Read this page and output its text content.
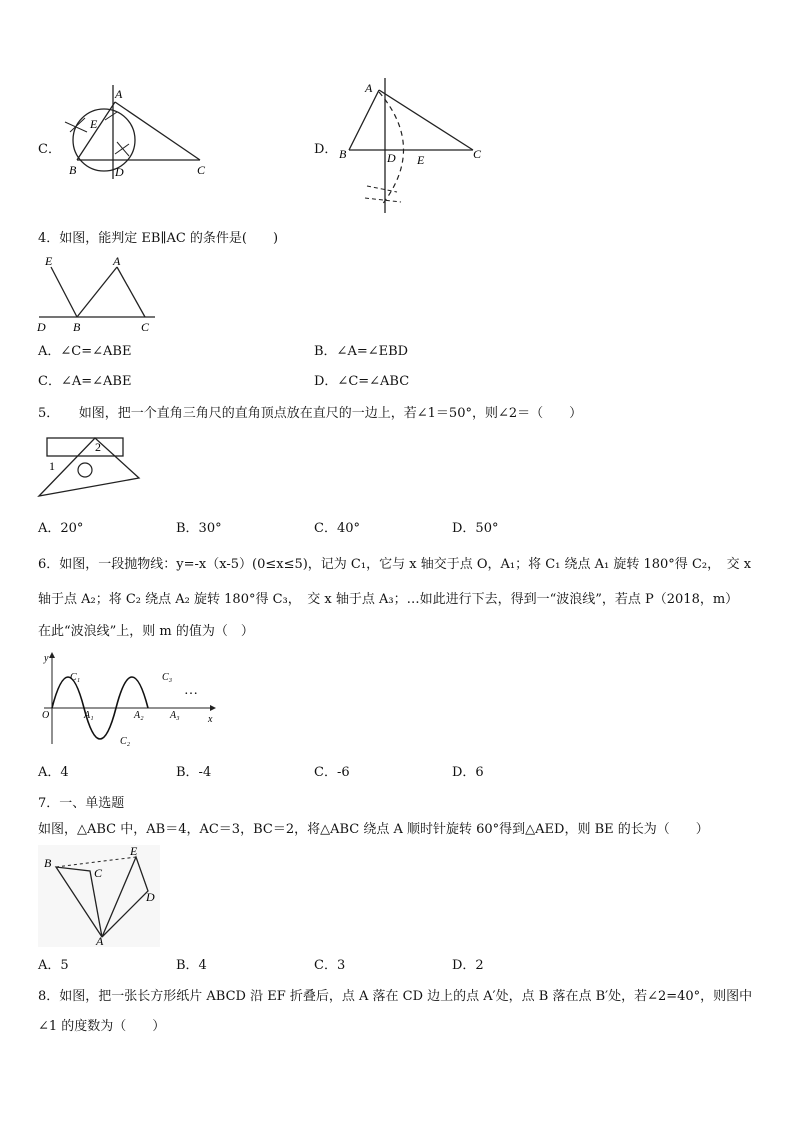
C．
A
E
B	D	C
D．
A
B	D E	C
4．如图，能判定 EB∥AC 的条件是(　　)
E	A
D B	C
A．∠C=∠ABE	B．∠A=∠EBD
C．∠A=∠ABE	D．∠C=∠ABC
5．　　如图，把一个直角三角尺的直角顶点放在直尺的一边上，若∠1＝50°，则∠2＝（　　）
1
2
A．20°	B．30°	C．40°	D．50°
6．如图，一段抛物线：y=-x（x-5）(0≤x≤5)，记为 C₁，它与 x 轴交于点 O，A₁；将 C₁ 绕点 A₁ 旋转 180°得 C₂，　交 x
轴于点 A₂；将 C₂ 绕点 A₂ 旋转 180°得 C₃，　交 x 轴于点 A₃；…如此进行下去，得到一“波浪线”，若点 P（2018，m）
在此“波浪线”上，则 m 的值为（　）
y
x
O
C₁
A₁
C₂
A₂
C₃
A₃
…
A．4	B．-4	C．-6	D．6
7．一、单选题
如图，△ABC 中，AB＝4，AC＝3，BC＝2，将△ABC 绕点 A 顺时针旋转 60°得到△AED，则 BE 的长为（　　）
B
C
E
D
A
A．5	B．4	C．3	D．2
8．如图，把一张长方形纸片 ABCD 沿 EF 折叠后，点 A 落在 CD 边上的点 A′处，点 B 落在点 B′处，若∠2=40°，则图中
∠1 的度数为（　　）
